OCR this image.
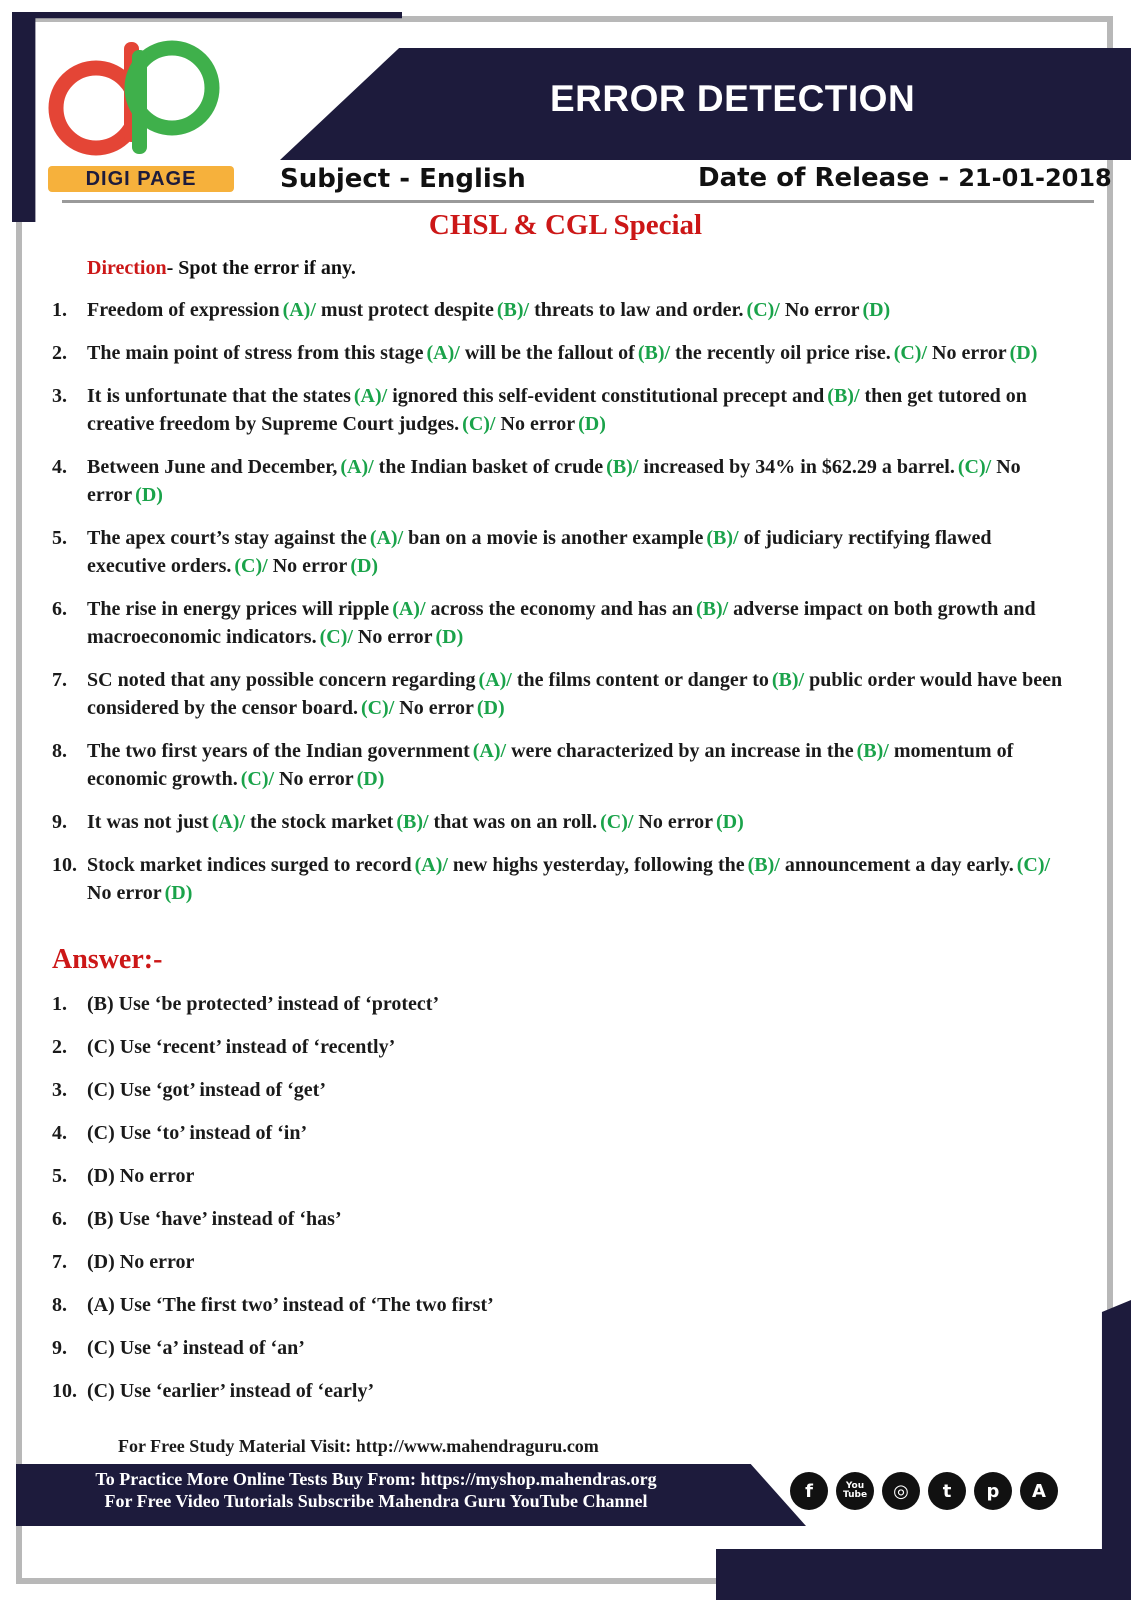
ERROR DETECTION
DIGI PAGE	Subject - English	Date of Release - 21-01-2018
CHSL & CGL Special
Direction- Spot the error if any.
1. Freedom of expression (A)/ must protect despite (B)/ threats to law and order. (C)/ No error (D)
2. The main point of stress from this stage (A)/ will be the fallout of (B)/ the recently oil price rise. (C)/ No error (D)
3. It is unfortunate that the states (A)/ ignored this self-evident constitutional precept and (B)/ then get tutored on creative freedom by Supreme Court judges. (C)/ No error (D)
4. Between June and December, (A)/ the Indian basket of crude (B)/ increased by 34% in $62.29 a barrel. (C)/ No error (D)
5. The apex court’s stay against the (A)/ ban on a movie is another example (B)/ of judiciary rectifying flawed executive orders. (C)/ No error (D)
6. The rise in energy prices will ripple (A)/ across the economy and has an (B)/ adverse impact on both growth and macroeconomic indicators. (C)/ No error (D)
7. SC noted that any possible concern regarding (A)/ the films content or danger to (B)/ public order would have been considered by the censor board. (C)/ No error (D)
8. The two first years of the Indian government (A)/ were characterized by an increase in the (B)/ momentum of economic growth. (C)/ No error (D)
9. It was not just (A)/ the stock market (B)/ that was on an roll. (C)/ No error (D)
10. Stock market indices surged to record (A)/ new highs yesterday, following the (B)/ announcement a day early. (C)/ No error (D)
Answer:-
1. (B) Use ‘be protected’ instead of ‘protect’
2. (C) Use ‘recent’ instead of ‘recently’
3. (C) Use ‘got’ instead of ‘get’
4. (C) Use ‘to’ instead of ‘in’
5. (D) No error
6. (B) Use ‘have’ instead of ‘has’
7. (D) No error
8. (A) Use ‘The first two’ instead of ‘The two first’
9. (C) Use ‘a’ instead of ‘an’
10. (C) Use ‘earlier’ instead of ‘early’
For Free Study Material Visit: http://www.mahendraguru.com
To Practice More Online Tests Buy From: https://myshop.mahendras.org
For Free Video Tutorials Subscribe Mahendra Guru YouTube Channel	f	You Tube	◎	t	p	A
